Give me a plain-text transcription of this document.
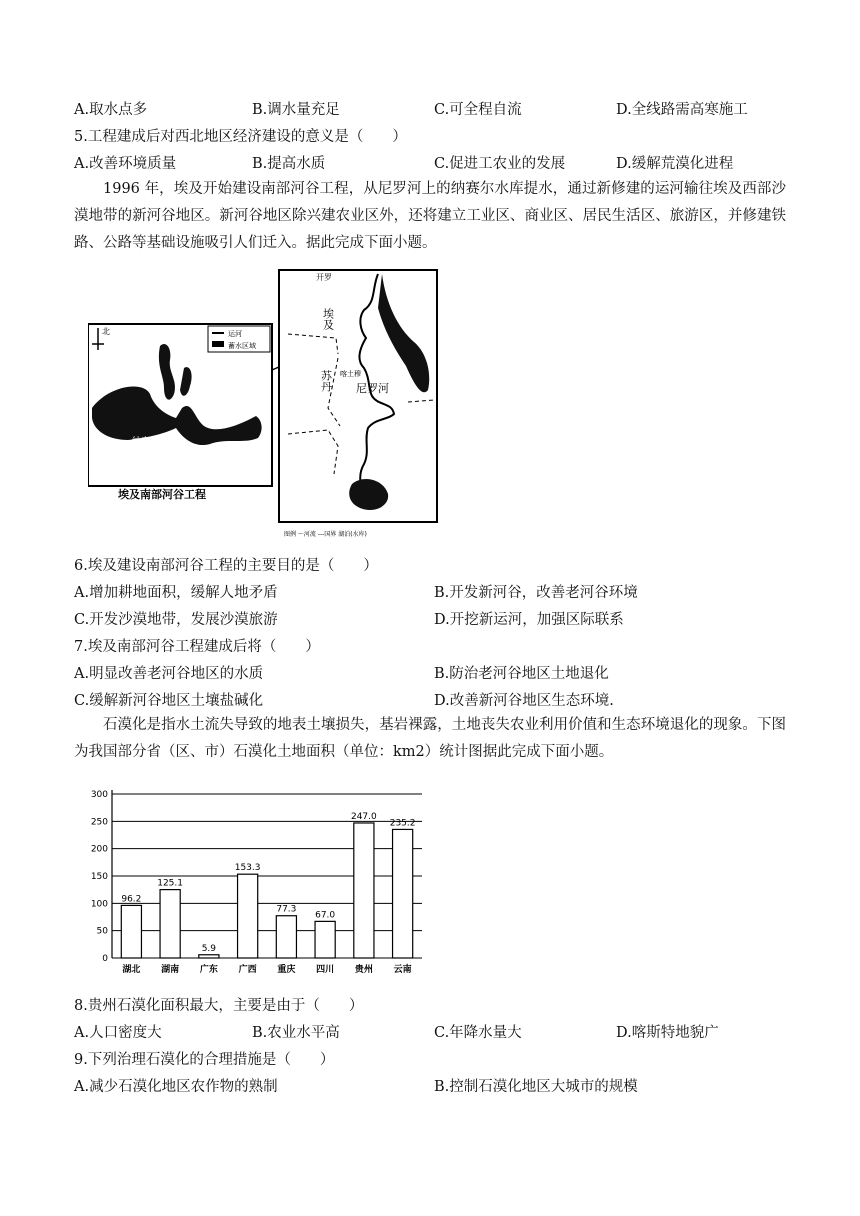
A.取水点多	B.调水量充足	C.可全程自流	D.全线路需高寒施工
5.工程建成后对西北地区经济建设的意义是（　　）
A.改善环境质量	B.提高水质	C.促进工农业的发展	D.缓解荒漠化进程
1996 年，埃及开始建设南部河谷工程，从尼罗河上的纳赛尔水库提水，通过新修建的运河输往埃及西部沙漠地带的新河谷地区。新河谷地区除兴建农业区外，还将建立工业区、商业区、居民生活区、旅游区，并修建铁路、公路等基础设施吸引人们迁入。据此完成下面小题。
北	运河
蓄水区域
纳赛尔水库
埃及南部河谷工程
开罗
埃及
苏丹 喀土穆
尼罗河
图例 ～河流 ---国界 湖泊(水库)
6.埃及建设南部河谷工程的主要目的是（　　）
A.增加耕地面积，缓解人地矛盾	B.开发新河谷，改善老河谷环境
C.开发沙漠地带，发展沙漠旅游	D.开挖新运河，加强区际联系
7.埃及南部河谷工程建成后将（　　）
A.明显改善老河谷地区的水质	B.防治老河谷地区土地退化
C.缓解新河谷地区土壤盐碱化	D.改善新河谷地区生态环境.
石漠化是指水土流失导致的地表土壤损失，基岩裸露，土地丧失农业利用价值和生态环境退化的现象。下图为我国部分省（区、市）石漠化土地面积（单位：km2）统计图据此完成下面小题。
0
50
100
150
200
250
300
96.2
湖北
125.1
湖南
5.9
广东
153.3
广西
77.3
重庆
67.0
四川
247.0
贵州
235.2
云南
8.贵州石漠化面积最大，主要是由于（　　）
A.人口密度大	B.农业水平高	C.年降水量大	D.喀斯特地貌广
9.下列治理石漠化的合理措施是（　　）
A.减少石漠化地区农作物的熟制	B.控制石漠化地区大城市的规模
